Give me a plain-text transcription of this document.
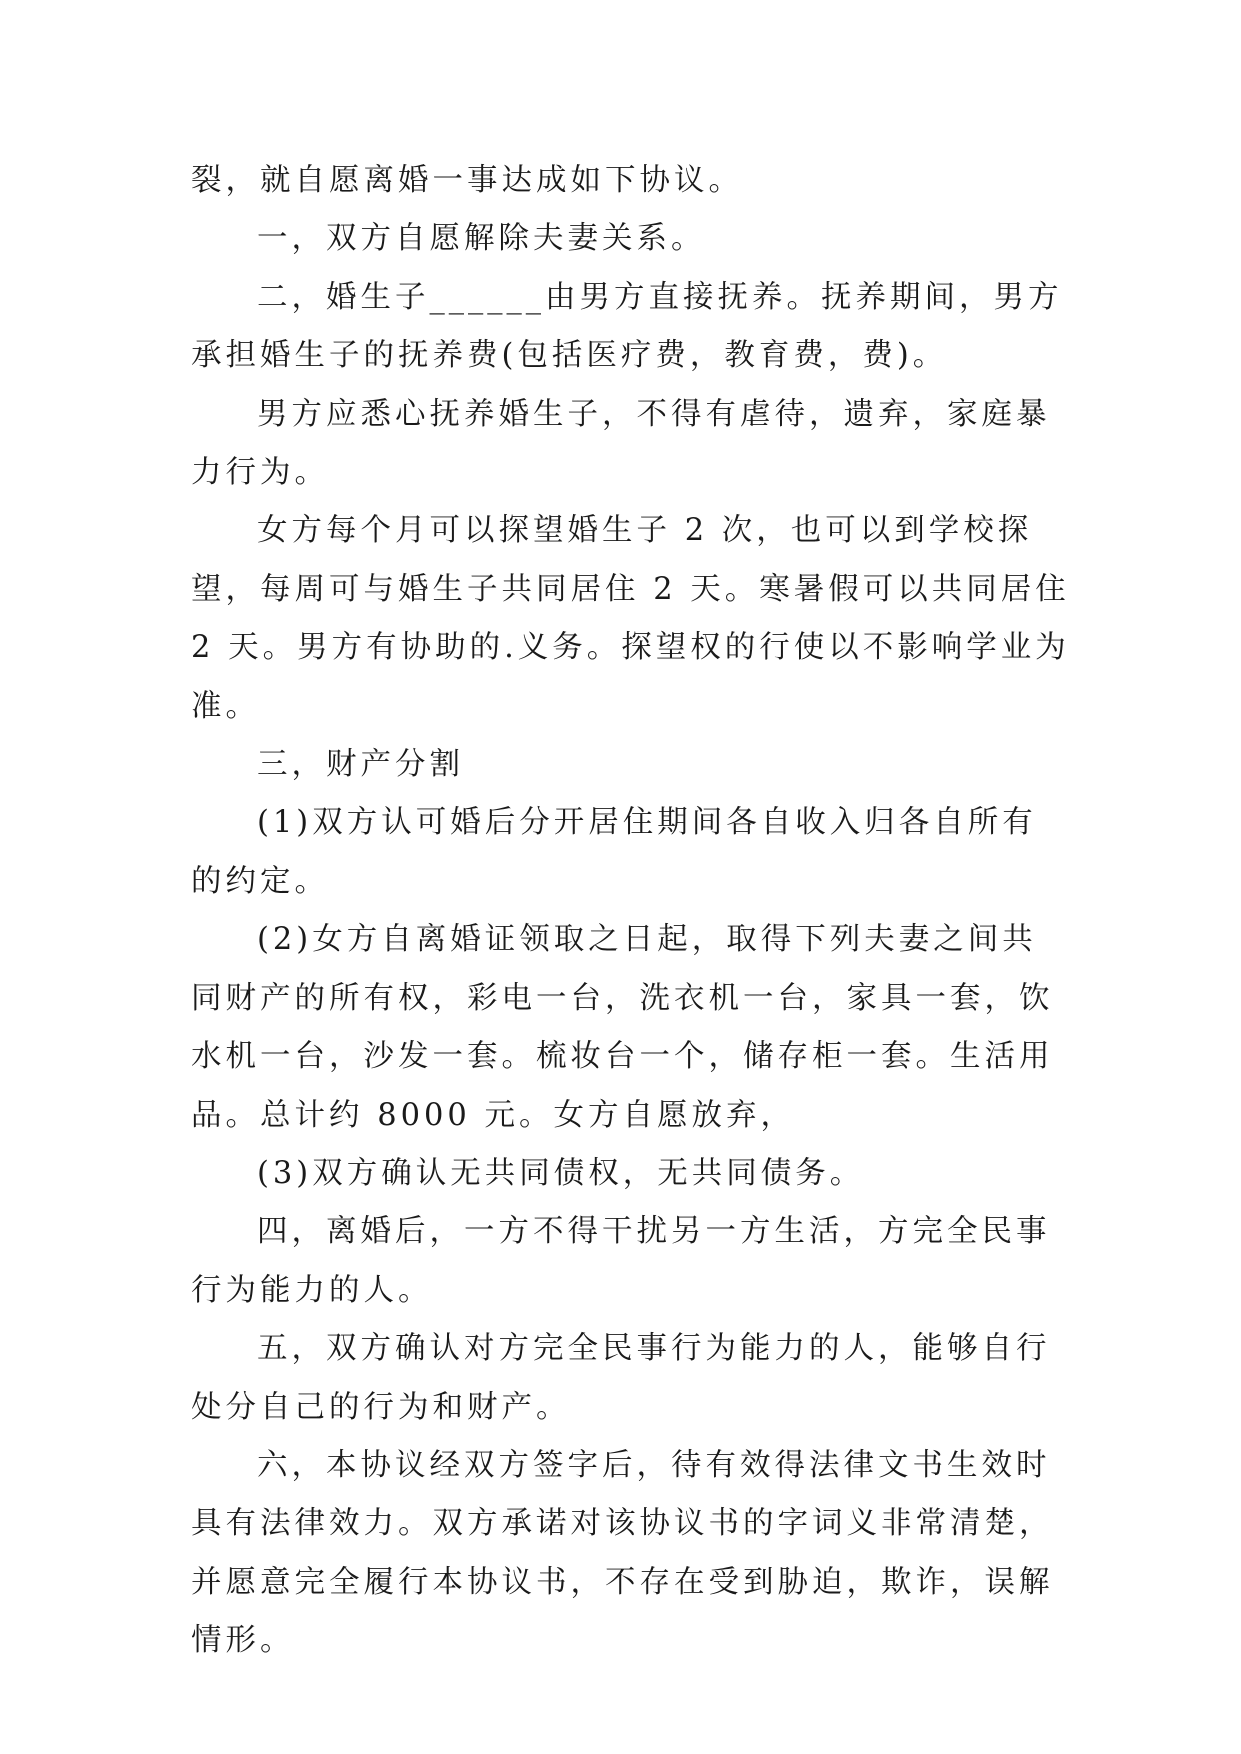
裂，就自愿离婚一事达成如下协议。

一，双方自愿解除夫妻关系。

二，婚生子______由男方直接抚养。抚养期间，男方承担婚生子的抚养费(包括医疗费，教育费，费)。

男方应悉心抚养婚生子，不得有虐待，遗弃，家庭暴力行为。

女方每个月可以探望婚生子 2 次，也可以到学校探望，每周可与婚生子共同居住 2 天。寒暑假可以共同居住 2 天。男方有协助的.义务。探望权的行使以不影响学业为准。

三，财产分割

(1)双方认可婚后分开居住期间各自收入归各自所有的约定。

(2)女方自离婚证领取之日起，取得下列夫妻之间共同财产的所有权，彩电一台，洗衣机一台，家具一套，饮水机一台，沙发一套。梳妆台一个，储存柜一套。生活用品。总计约 8000 元。女方自愿放弃，

(3)双方确认无共同债权，无共同债务。

四，离婚后，一方不得干扰另一方生活，方完全民事行为能力的人。

五，双方确认对方完全民事行为能力的人，能够自行处分自己的行为和财产。

六，本协议经双方签字后，待有效得法律文书生效时具有法律效力。双方承诺对该协议书的字词义非常清楚，并愿意完全履行本协议书，不存在受到胁迫，欺诈，误解情形。
